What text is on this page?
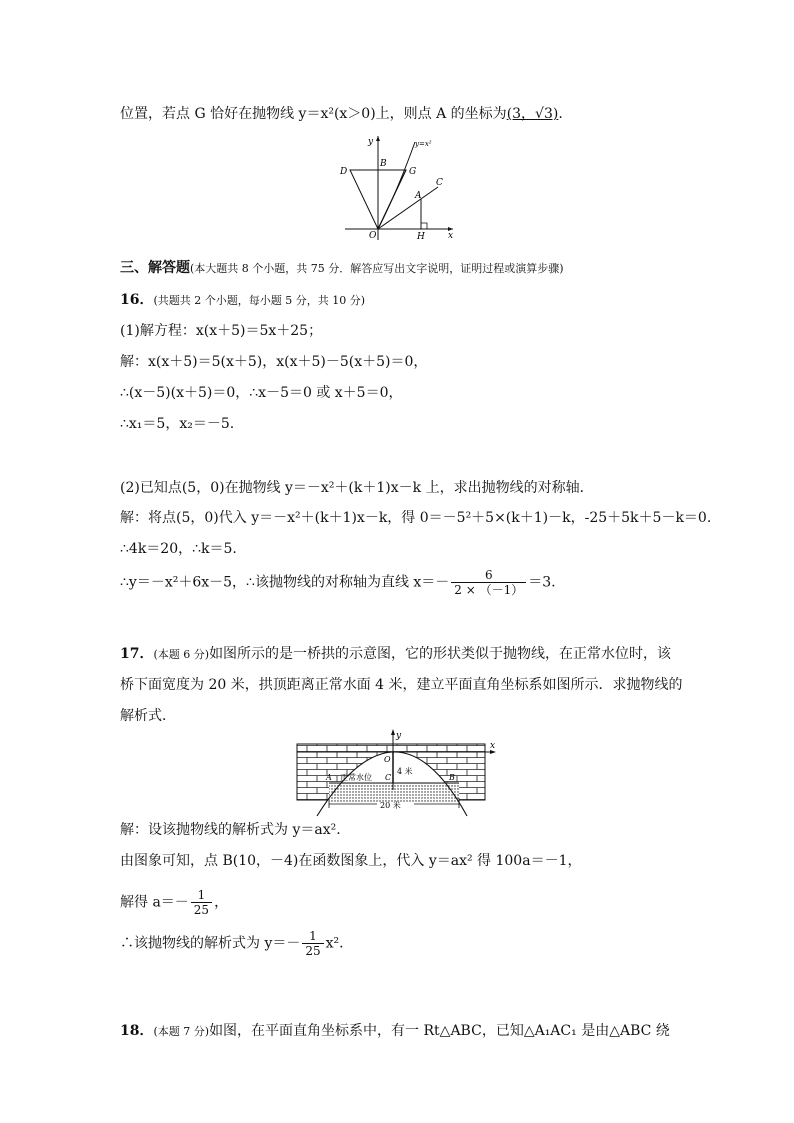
位置，若点 G 恰好在抛物线 y＝x²(x＞0)上，则点 A 的坐标为(3，√3).
y	y=x²
D
B
G
A
C
O	H	x
三、解答题(本大题共 8 个小题，共 75 分．解答应写出文字说明，证明过程或演算步骤)
16．(共题共 2 个小题，每小题 5 分，共 10 分)
(1)解方程：x(x＋5)＝5x＋25；
解：x(x＋5)＝5(x＋5)，x(x＋5)－5(x＋5)＝0，
∴(x－5)(x＋5)＝0，∴x－5＝0 或 x＋5＝0，
∴x₁＝5，x₂＝－5.
(2)已知点(5，0)在抛物线 y＝－x²＋(k＋1)x－k 上，求出抛物线的对称轴．
解：将点(5，0)代入 y＝－x²＋(k＋1)x－k，得 0＝－5²＋5×(k＋1)－k，-25＋5k＋5－k＝0.
∴4k＝20，∴k＝5.
∴y＝－x²＋6x－5，∴该抛物线的对称轴为直线 $x=- \frac{6}{2 \times (-1)} =3$.
17．(本题 6 分)如图所示的是一桥拱的示意图，它的形状类似于抛物线，在正常水位时，该
桥下面宽度为 20 米，拱顶距离正常水面 4 米，建立平面直角坐标系如图所示．求抛物线的
解析式．
y
x
O
A	B
正常水位 C
4 米
20 米
解：设该抛物线的解析式为 y＝ax².
由图象可知，点 B(10，－4)在函数图象上，代入 y＝ax² 得 100a＝－1，
解得 $a=- \frac{1}{25}$ ，
∴该抛物线的解析式为 $y=- \frac{1}{25} x^2$.
18．(本题 7 分)如图，在平面直角坐标系中，有一 Rt△ABC，已知△A₁AC₁ 是由△ABC 绕
